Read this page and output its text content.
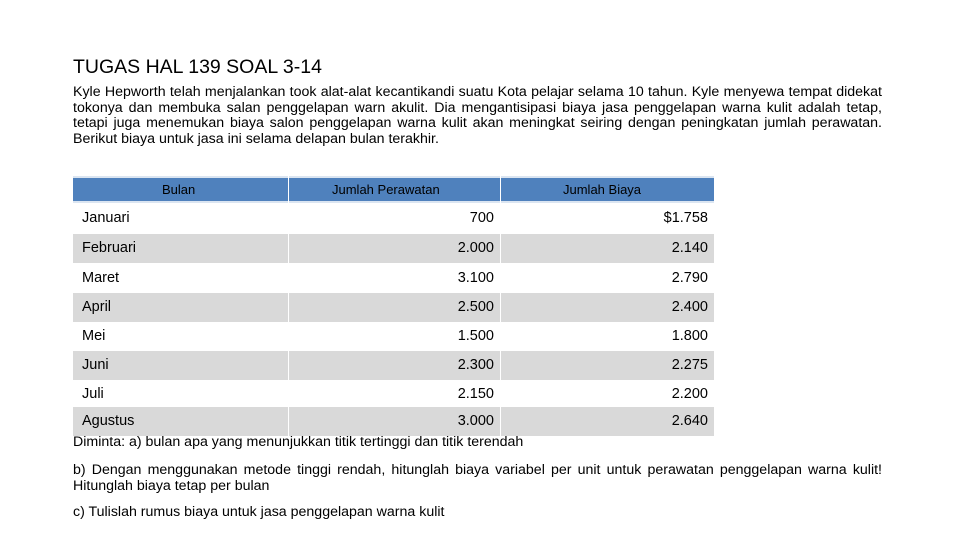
TUGAS HAL 139 SOAL 3-14
Kyle Hepworth telah menjalankan took alat-alat kecantikandi suatu Kota pelajar selama 10 tahun. Kyle menyewa tempat didekat tokonya dan membuka salan penggelapan warn akulit. Dia mengantisipasi biaya jasa penggelapan warna kulit adalah tetap, tetapi juga menemukan biaya salon penggelapan warna kulit akan meningkat seiring dengan peningkatan jumlah perawatan. Berikut biaya untuk jasa ini selama delapan bulan terakhir.
Bulan	Jumlah Perawatan	Jumlah Biaya
Januari	700	$1.758
Februari	2.000	2.140
Maret	3.100	2.790
April	2.500	2.400
Mei	1.500	1.800
Juni	2.300	2.275
Juli	2.150	2.200
Agustus	3.000	2.640
Diminta: a) bulan apa yang menunjukkan titik tertinggi dan titik terendah
b) Dengan menggunakan metode tinggi rendah, hitunglah biaya variabel per unit untuk perawatan penggelapan warna kulit! Hitunglah biaya tetap per bulan
c) Tulislah rumus biaya untuk jasa penggelapan warna kulit
